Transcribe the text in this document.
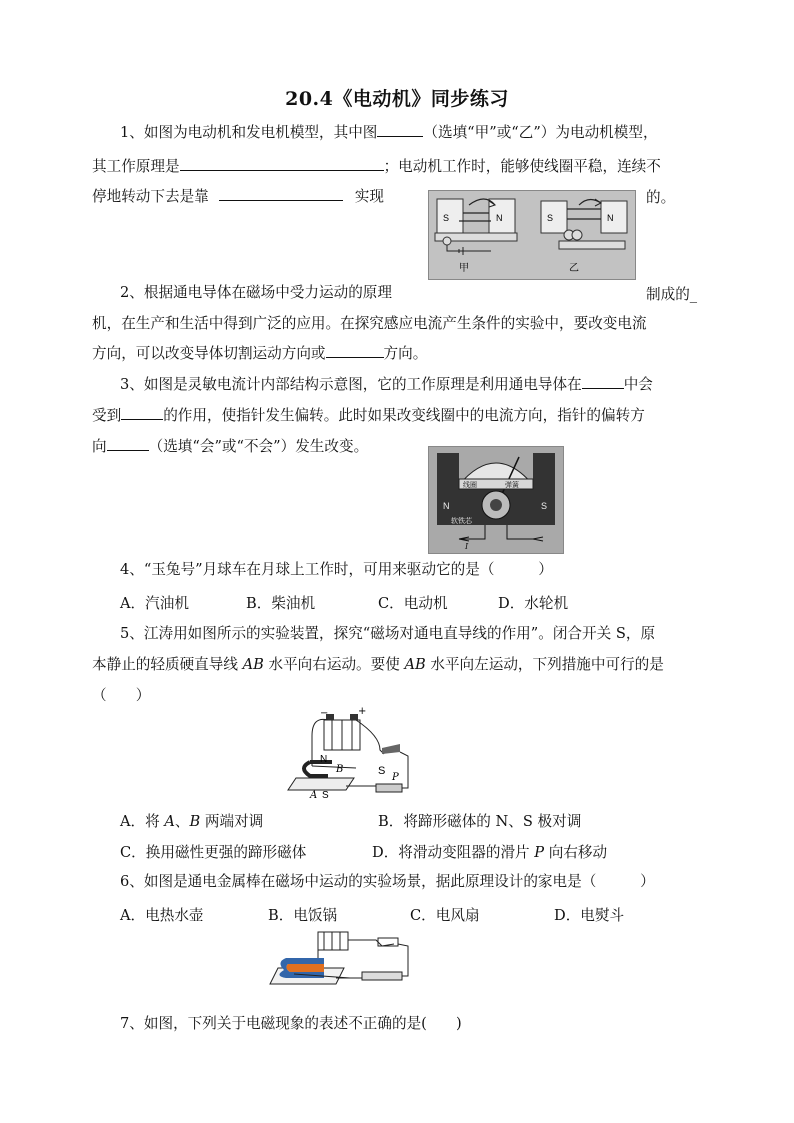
20.4《电动机》同步练习
1、如图为电动机和发电机模型，其中图	（选填“甲”或“乙”）为电动机模型，
其工作原理是	；电动机工作时，能够使线圈平稳，连续不
停地转动下去是靠	实现	的。
S	N	S	N
甲	乙
2、根据通电导体在磁场中受力运动的原理	制成的_
机，在生产和生活中得到广泛的应用。在探究感应电流产生条件的实验中，要改变电流
方向，可以改变导体切割运动方向或	方向。
3、如图是灵敏电流计内部结构示意图，它的工作原理是利用通电导体在	中会
受到	的作用，使指针发生偏转。此时如果改变线圈中的电流方向，指针的偏转方
向	（选填“会”或“不会”）发生改变。
线圈	弹簧
N	S
软铁芯
I
4、“玉兔号”月球车在月球上工作时，可用来驱动它的是（　　　）
A．汽油机	B．柴油机	C．电动机	D．水轮机
5、江涛用如图所示的实验装置，探究“磁场对通电直导线的作用”。闭合开关 S，原
本静止的轻质硬直导线 AB 水平向右运动。要使 AB 水平向左运动，下列措施中可行的是
（　　）
−	+
N
B
A S
S
P
A．将 A、B 两端对调	B．将蹄形磁体的 N、S 极对调
C．换用磁性更强的蹄形磁体	D．将滑动变阻器的滑片 P 向右移动
6、如图是通电金属棒在磁场中运动的实验场景，据此原理设计的家电是（　　　）
A．电热水壶	B．电饭锅	C．电风扇	D．电熨斗
7、如图，下列关于电磁现象的表述不正确的是(　　)
